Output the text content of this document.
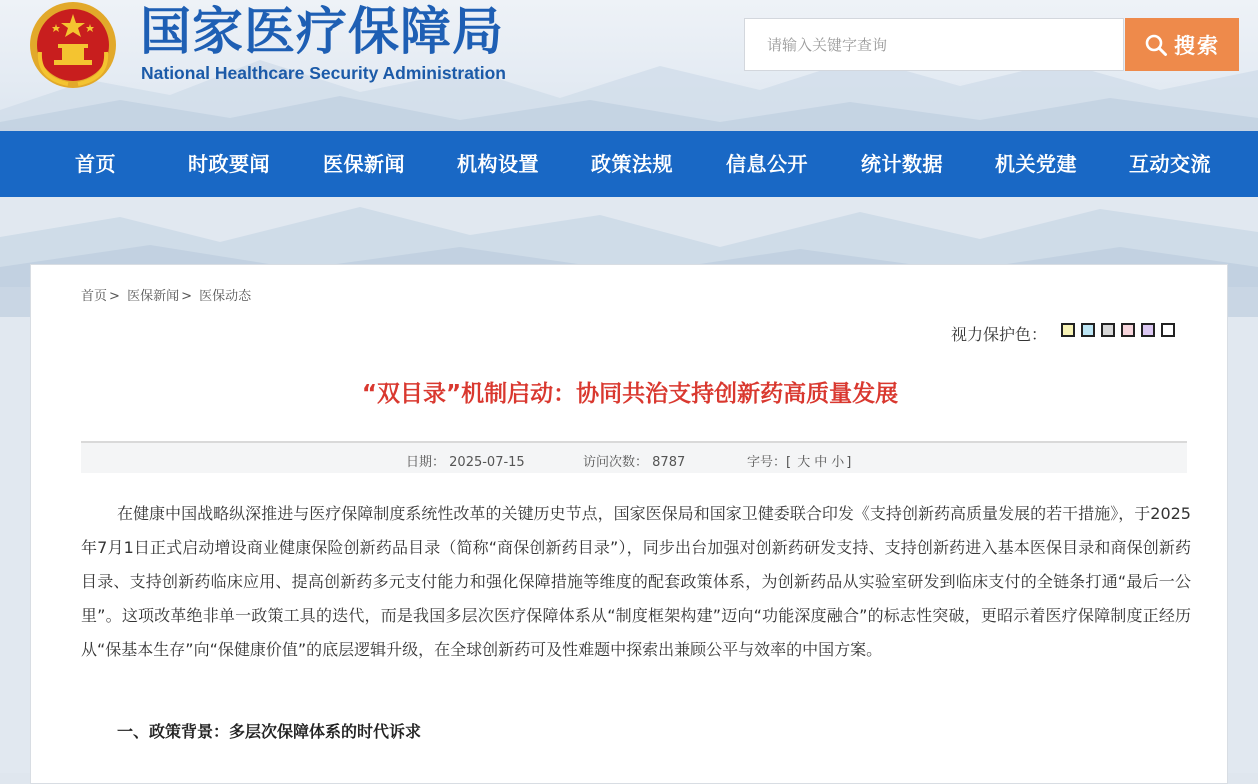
国家医疗保障局

National Healthcare Security Administration

请输入关键字查询
搜索
首页	时政要闻	医保新闻	机构设置	政策法规	信息公开	统计数据	机关党建	互动交流
首页 > 医保新闻 > 医保动态
视力保护色：
“双目录”机制启动：协同共治支持创新药高质量发展
日期： 2025-07-15	访问次数： 8787	字号：[ 大 中 小 ]

在健康中国战略纵深推进与医疗保障制度系统性改革的关键历史节点，国家医保局和国家卫健委联合印发《支持创新药高质量发展的若干措施》，于2025年7月1日正式启动增设商业健康保险创新药品目录（简称“商保创新药目录”），同步出台加强对创新药研发支持、支持创新药进入基本医保目录和商保创新药目录、支持创新药临床应用、提高创新药多元支付能力和强化保障措施等维度的配套政策体系，为创新药品从实验室研发到临床支付的全链条打通“最后一公里”。这项改革绝非单一政策工具的迭代，而是我国多层次医疗保障体系从“制度框架构建”迈向“功能深度融合”的标志性突破，更昭示着医疗保障制度正经历从“保基本生存”向“保健康价值”的底层逻辑升级，在全球创新药可及性难题中探索出兼顾公平与效率的中国方案。

一、政策背景：多层次保障体系的时代诉求
